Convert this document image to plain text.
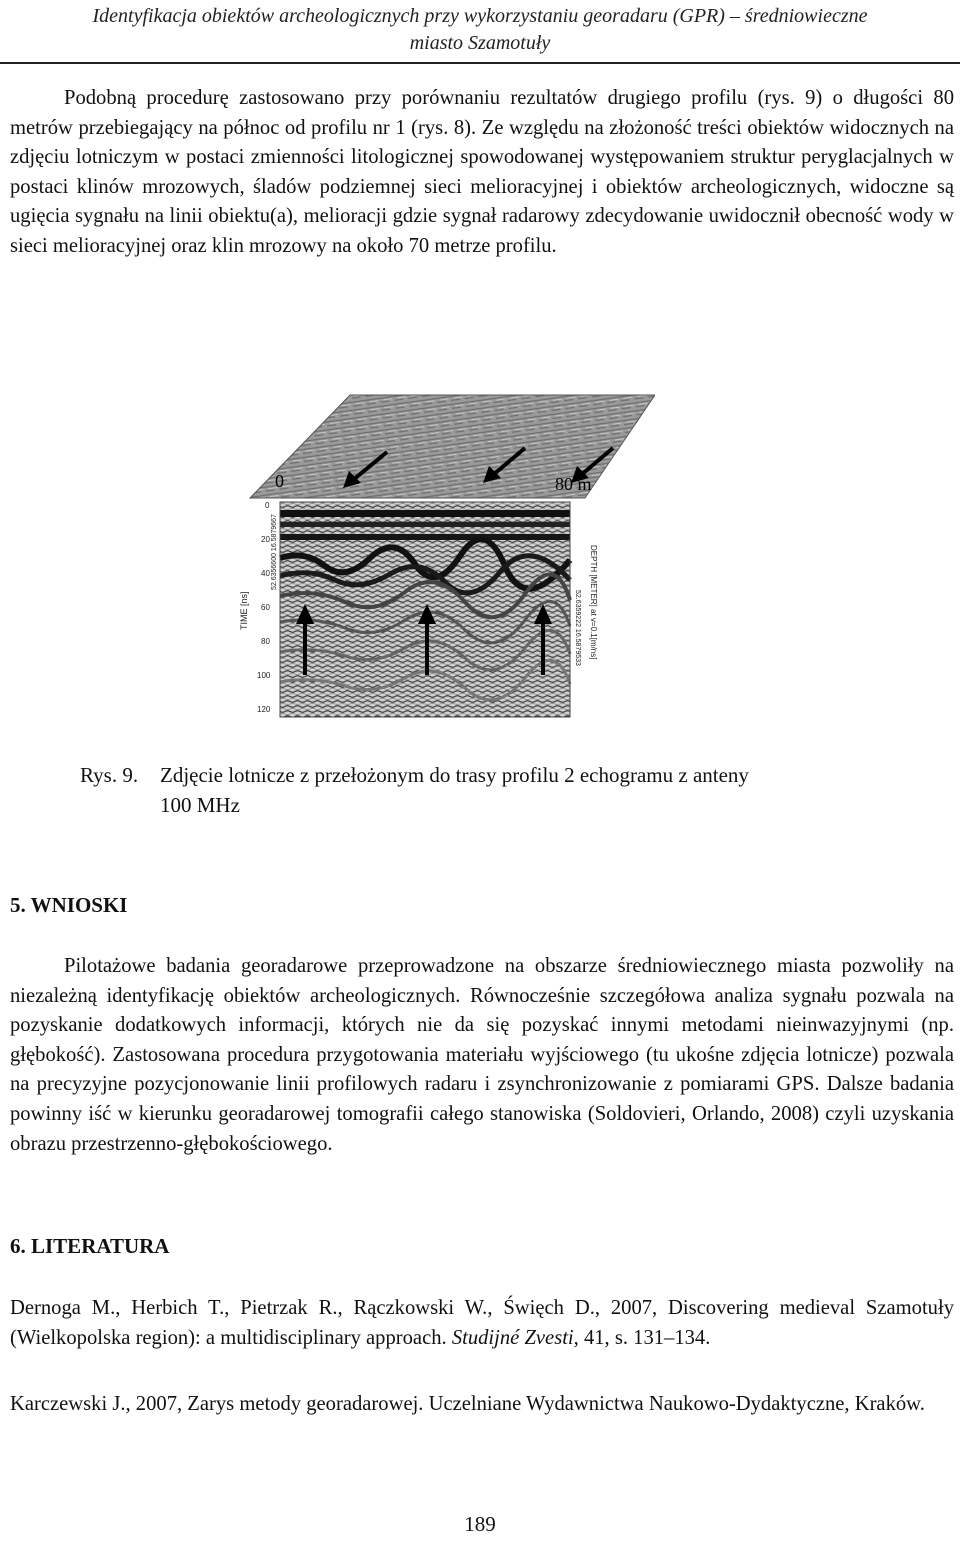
Identyfikacja obiektów archeologicznych przy wykorzystaniu georadaru (GPR) – średniowieczne
miasto Szamotuły

Podobną procedurę zastosowano przy porównaniu rezultatów drugiego profilu (rys. 9) o długości 80 metrów przebiegający na północ od profilu nr 1 (rys. 8). Ze względu na złożoność treści obiektów widocznych na zdjęciu lotniczym w postaci zmienności litologicznej spowodowanej występowaniem struktur peryglacjalnych w postaci klinów mrozowych, śladów podziemnej sieci melioracyjnej i obiektów archeologicznych, widoczne są ugięcia sygnału na linii obiektu(a), melioracji gdzie sygnał radarowy zdecydowanie uwidocznił obecność wody w sieci melioracyjnej oraz klin mrozowy na około 70 metrze profilu.

0	80 m
0
20
40
60
80
100
120
TIME [ns]
52.6356600 16.5879667
52.6359222 16.5879533 DEPTH [METER] at v=0.1[m/ns]
Rys. 9. Zdjęcie lotnicze z przełożonym do trasy profilu 2 echogramu z anteny
100 MHz
5. WNIOSKI

Pilotażowe badania georadarowe przeprowadzone na obszarze średniowiecznego miasta pozwoliły na niezależną identyfikację obiektów archeologicznych. Równocześnie szczegółowa analiza sygnału pozwala na pozyskanie dodatkowych informacji, których nie da się pozyskać innymi metodami nieinwazyjnymi (np. głębokość). Zastosowana procedura przygotowania materiału wyjściowego (tu ukośne zdjęcia lotnicze) pozwala na precyzyjne pozycjonowanie linii profilowych radaru i zsynchronizowanie z pomiarami GPS. Dalsze badania powinny iść w kierunku georadarowej tomografii całego stanowiska (Soldovieri, Orlando, 2008) czyli uzyskania obrazu przestrzenno-głębokościowego.

6. LITERATURA

Dernoga M., Herbich T., Pietrzak R., Rączkowski W., Święch D., 2007, Discovering medieval Szamotuły (Wielkopolska region): a multidisciplinary approach. Studijné Zvesti, 41, s. 131–134.

Karczewski J., 2007, Zarys metody georadarowej. Uczelniane Wydawnictwa Naukowo-Dydaktyczne, Kraków.

189
